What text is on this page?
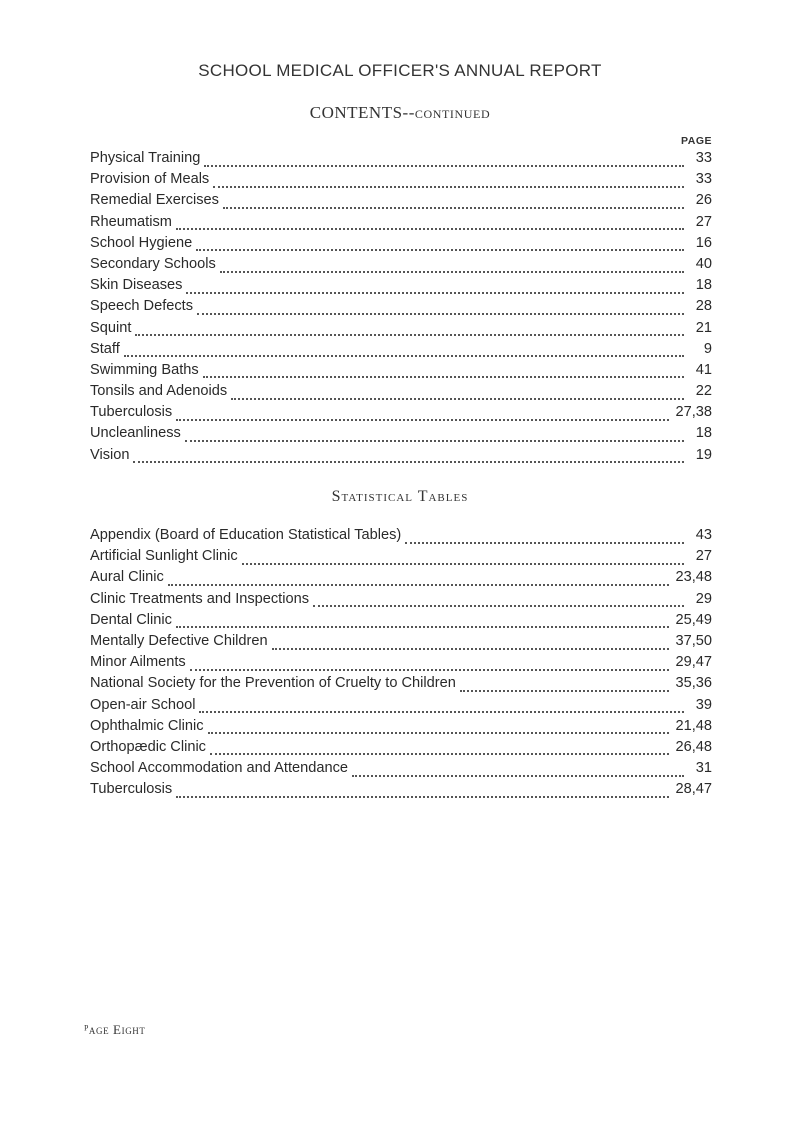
SCHOOL MEDICAL OFFICER'S ANNUAL REPORT
CONTENTS--CONTINUED
PAGE
Physical Training	33
Provision of Meals	33
Remedial Exercises	26
Rheumatism	27
School Hygiene	16
Secondary Schools	40
Skin Diseases	18
Speech Defects	28
Squint	21
Staff	9
Swimming Baths	41
Tonsils and Adenoids	22
Tuberculosis	27,38
Uncleanliness	18
Vision	19
Statistical Tables
Appendix (Board of Education Statistical Tables)	43
Artificial Sunlight Clinic	27
Aural Clinic	23,48
Clinic Treatments and Inspections	29
Dental Clinic	25,49
Mentally Defective Children	37,50
Minor Ailments	29,47
National Society for the Prevention of Cruelty to Children	35,36
Open-air School	39
Ophthalmic Clinic	21,48
Orthopædic Clinic	26,48
School Accommodation and Attendance	31
Tuberculosis	28,47
ᴾage Eight
